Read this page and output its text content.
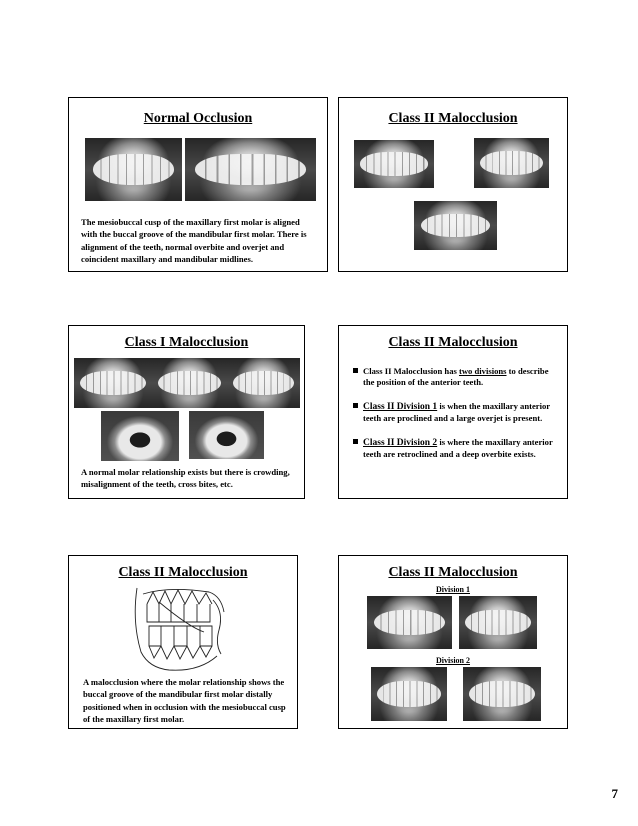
Normal Occlusion
The mesiobuccal cusp of the maxillary first molar is aligned with the buccal groove of the mandibular first molar. There is alignment of the teeth, normal overbite and overjet and coincident maxillary and mandibular midlines.
Class II Malocclusion
Class I Malocclusion
A normal molar relationship exists but there is crowding, misalignment of the teeth, cross bites, etc.
Class II Malocclusion
Class II Malocclusion has two divisions to describe the position of the anterior teeth.
Class II Division 1 is when the maxillary anterior teeth are proclined and a large overjet is present.
Class II Division 2 is where the maxillary anterior teeth are retroclined and a deep overbite exists.
Class II Malocclusion
A malocclusion where the molar relationship shows the buccal groove of the mandibular first molar distally positioned when in occlusion with the mesiobuccal cusp of the maxillary first molar.
Class II Malocclusion
Division 1
Division 2
7
